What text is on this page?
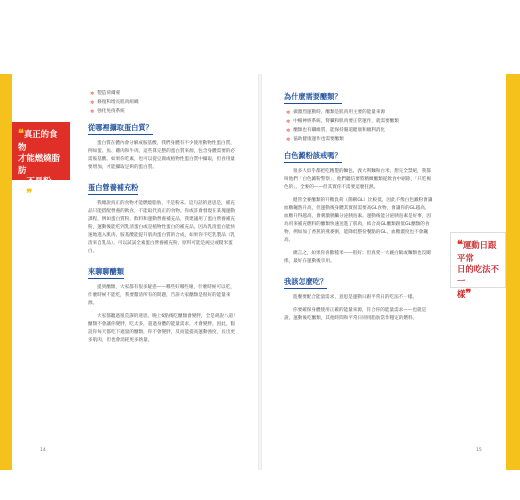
❝真正的食物
才能燃燒脂肪
，不是粉末❞
✲ 製造荷爾蒙
✲ 修復和增長肌肉組織
✲ 強化免疫系統
從哪裡攝取蛋白質？

蛋白質在體內會分解成胺基酸，我們身體有不少使用動物性蛋白質，例如蛋、魚、雞肉和牛肉，這些算完整的蛋白質來源，包含身體需要的必需胺基酸。如果你吃素，也可以從豆腐或植物性蛋白質中攝取，但食用量要增加，才能攝取足夠的蛋白質。

蛋白營養補充粉

我總說真正的食物才能燃燒脂肪，不是粉末。這句話的意思是，補充品只能搭配營養的飲食，不能取代真正的食物。你或許會發現在某塊運動課程，例如蛋白質粉、飲料和運動營養補充品，我建議用了蛋白營養補充粉，運動後能吃到乳清蛋白或是植物性蛋白的補充品，因為乳清蛋白能快速地進入肌肉，胺基酸能提升肌肉蛋白質的合成，如果你不吃乳製品（乳清來自乳品），可以試試全素蛋白營養補充粉，原料可能是豌豆或糙米蛋白。

來聊聊醣類

提到醣類，大家都有很多疑惑——哪些好哪些壞，什麼時候可以吃，什麼時候不能吃，我要釐清所有的問題，告訴大家醣類是很好的能量來源。

大家都聽過很荒謬的迷思，晚上6點後吃醣類會變胖，全是胡說八道！醣類不會讓你變胖，吃太多，超過身體的能量需求，才會變胖。因此，假設你每天都吃下適量的醣類，你不會變胖，反而能提高運動強度，長出更多肌肉，但也會消耗更多熱量。

為什麼需要醣類？
✲ 做激烈運動時，醣類是肌肉用主要的能量來源
✲ 中樞神經系統、腎臟和肌肉要正常運作，就需要醣類
✲ 醣類也有纖維質，能保持腸道健康和順利消化
✲ 協助健康運作也需要醣類
白色澱粉該戒嗎？

很多人似乎都把吃精製的麵包、義大利麵和白米，想完全禁絕，我都叫他們「白色澱粉警察」，他們聽信要將精緻醣類從飲食中剔除，「只吃褐色的」。全麥的——但其實你不需要這麼狂熱。

健管全麥醣類的升糖負荷（簡稱GL）比較低，因此不像白色澱粉會讓血糖飆然升高，但運動後身體其實很需要高GL食物，會讓你的GL越高，血糖升得越高，會刺激胰臟分泌胰島素。運動後能分泌胰島素是好事，因為用來補充燃料的醣類快速送進了肌肉，結合高GL醣類跟低GL醣類的食物，例如加了香蕉的燕麥粥，能降低整份餐點的GL，血糖濃度也不會飆高。

總言之，如果你喜歡糙米——很好；但真愛一大碗白飯或麵類也沒關係，最好在運動後享用。

我該怎麼吃？

進餐要配合能量需求，意思是運動日跟平常日的吃法不一樣。

你要確保身體使用正確的能量來源，符合你的能量需求——也就是說，運動後吃醣類，其他時間和平常日則用脂肪當作穩定的燃料。

❝運動日跟平常
日的吃法不一
樣❞
14	15
